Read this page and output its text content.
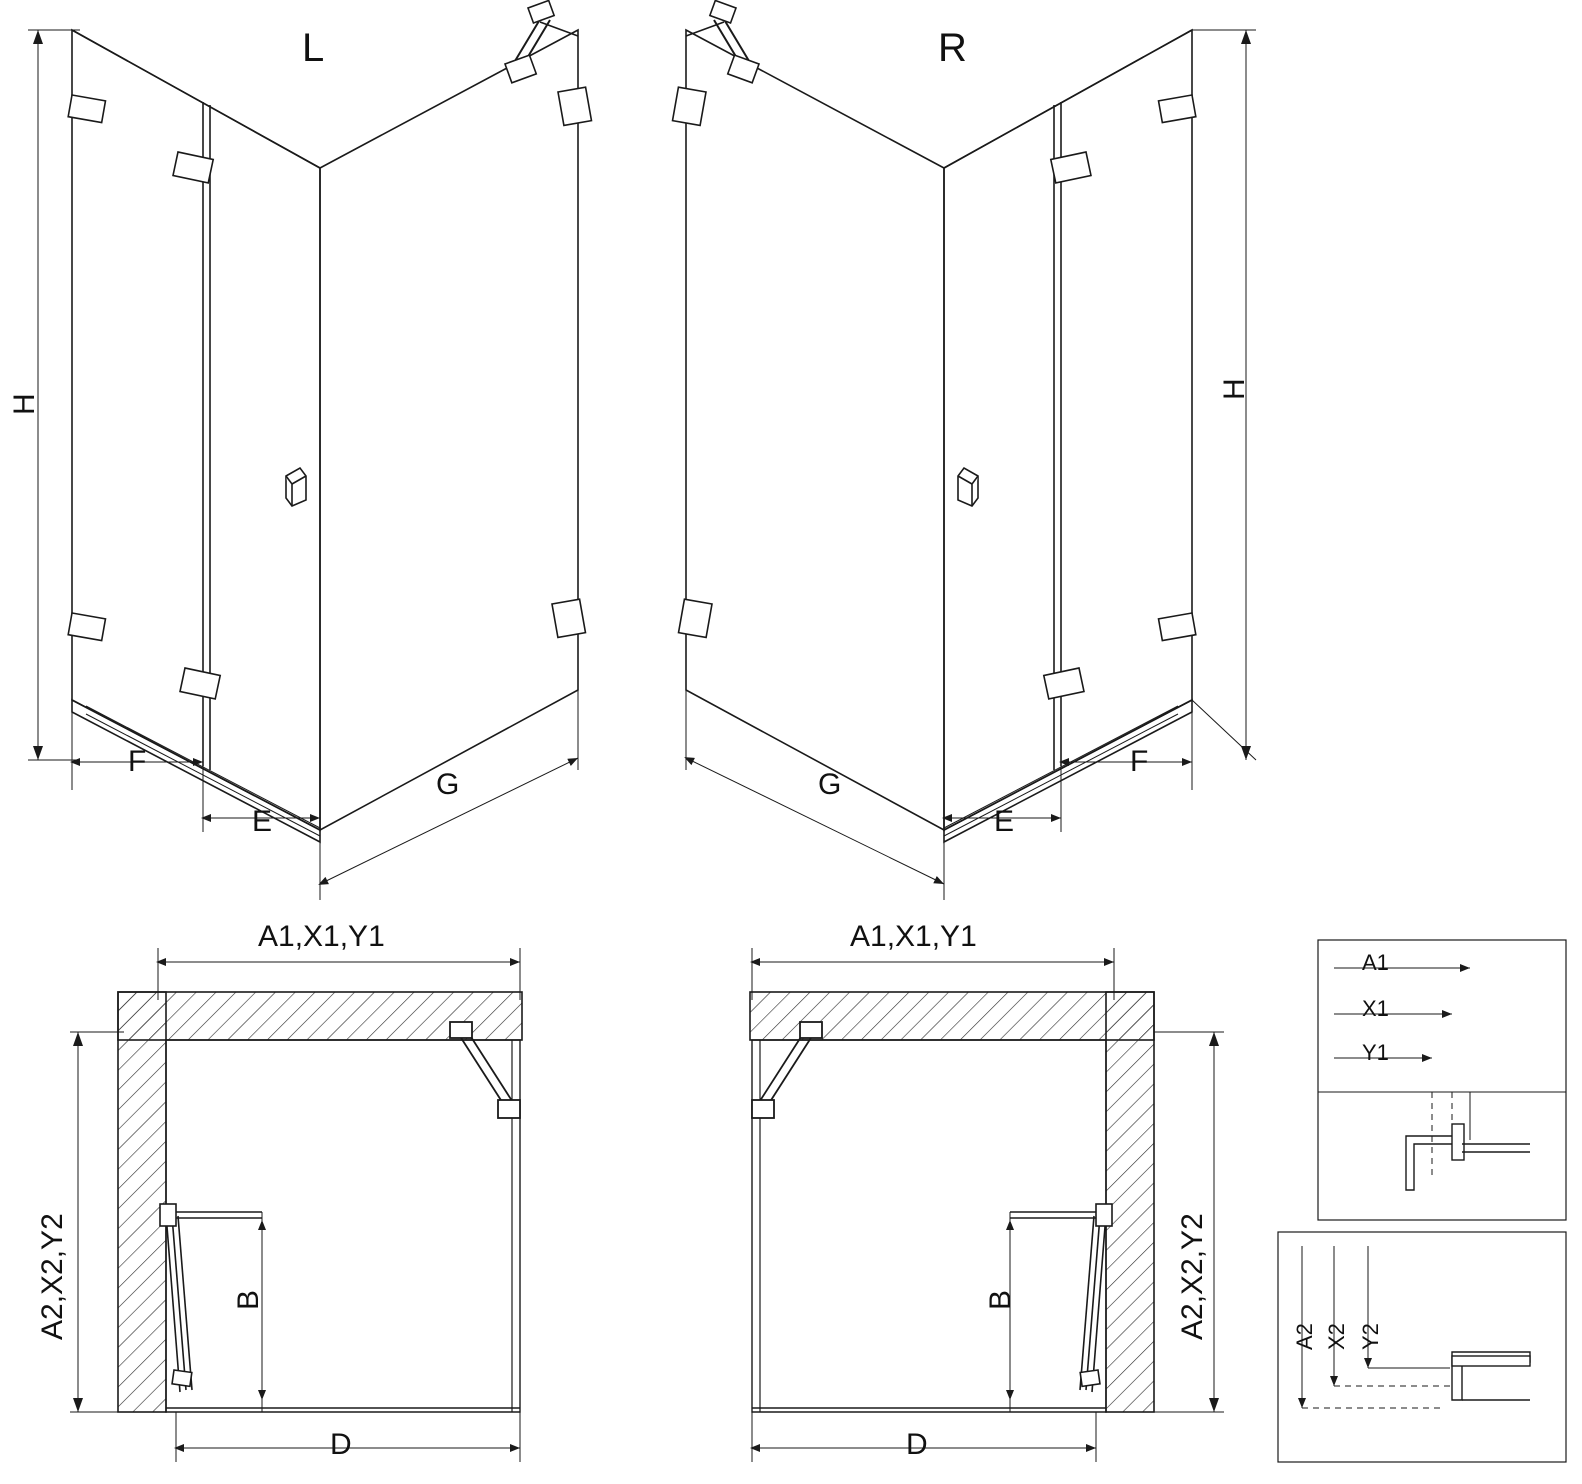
L	R
H
H
F
E
G
F
E
G
A1,X1,Y1	A1,X1,Y1
A2,X2,Y2	A2,X2,Y2
B	B
D	D
A1
X1
Y1
A2 X2 Y2
